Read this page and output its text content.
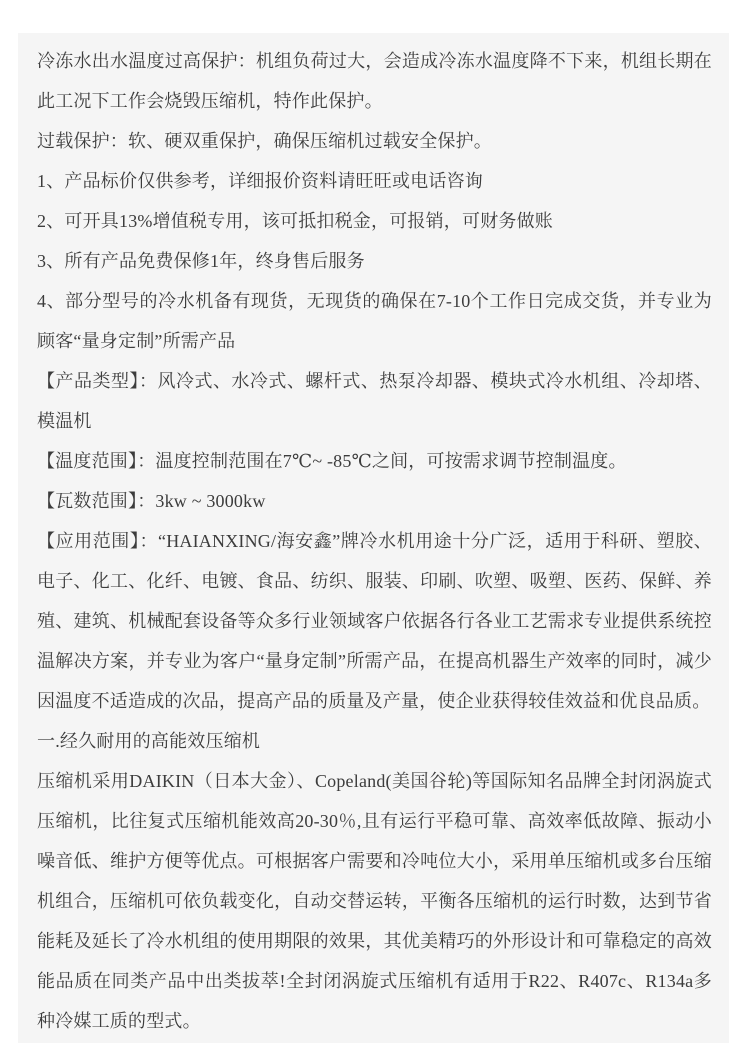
冷冻水出水温度过高保护：机组负荷过大，会造成冷冻水温度降不下来，机组长期在此工况下工作会烧毁压缩机，特作此保护。

过载保护：软、硬双重保护，确保压缩机过载安全保护。

1、产品标价仅供参考，详细报价资料请旺旺或电话咨询

2、可开具13%增值税专用，该可抵扣税金，可报销，可财务做账

3、所有产品免费保修1年，终身售后服务

4、部分型号的冷水机备有现货，无现货的确保在7-10个工作日完成交货，并专业为顾客“量身定制”所需产品

【产品类型】：风冷式、水冷式、螺杆式、热泵冷却器、模块式冷水机组、冷却塔、模温机

【温度范围】：温度控制范围在7℃~ -85℃之间，可按需求调节控制温度。

【瓦数范围】：3kw ~ 3000kw

【应用范围】：“HAIANXING/海安鑫”牌冷水机用途十分广泛，适用于科研、塑胶、电子、化工、化纤、电镀、食品、纺织、服装、印刷、吹塑、吸塑、医药、保鲜、养殖、建筑、机械配套设备等众多行业领域客户依据各行各业工艺需求专业提供系统控温解决方案，并专业为客户“量身定制”所需产品，在提高机器生产效率的同时，减少因温度不适造成的次品，提高产品的质量及产量，使企业获得较佳效益和优良品质。

一.经久耐用的高能效压缩机

压缩机采用DAIKIN（日本大金）、Copeland(美国谷轮)等国际知名品牌全封闭涡旋式压缩机，比往复式压缩机能效高20-30％,且有运行平稳可靠、高效率低故障、振动小噪音低、维护方便等优点。可根据客户需要和冷吨位大小，采用单压缩机或多台压缩机组合，压缩机可依负载变化，自动交替运转，平衡各压缩机的运行时数，达到节省能耗及延长了冷水机组的使用期限的效果，其优美精巧的外形设计和可靠稳定的高效能品质在同类产品中出类拔萃!全封闭涡旋式压缩机有适用于R22、R407c、R134a多种冷媒工质的型式。
